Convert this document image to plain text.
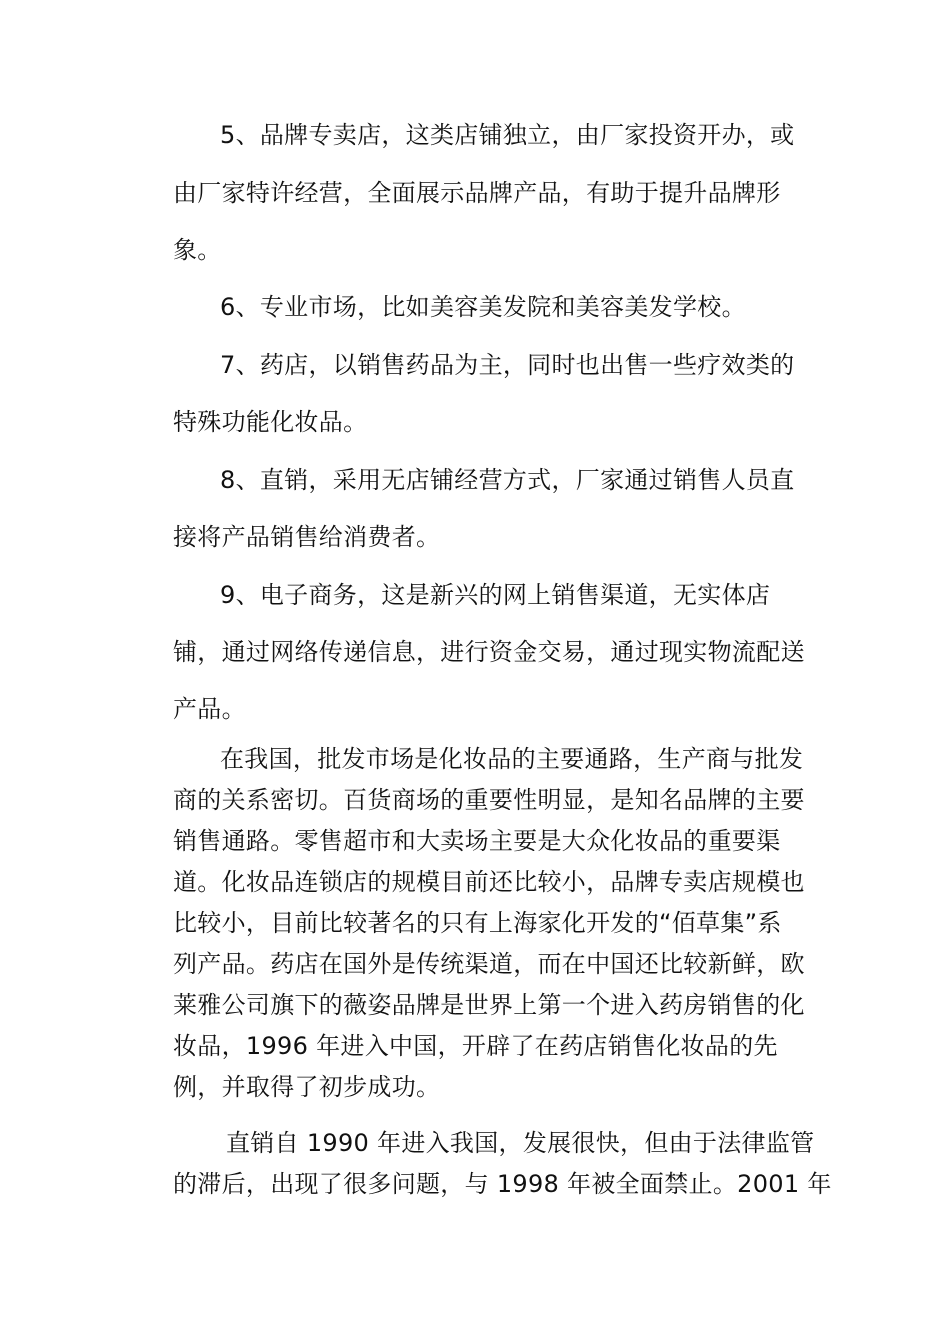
5、品牌专卖店，这类店铺独立，由厂家投资开办，或
由厂家特许经营，全面展示品牌产品，有助于提升品牌形
象。
6、专业市场，比如美容美发院和美容美发学校。
7、药店，以销售药品为主，同时也出售一些疗效类的
特殊功能化妆品。
8、直销，采用无店铺经营方式，厂家通过销售人员直
接将产品销售给消费者。
9、电子商务，这是新兴的网上销售渠道，无实体店
铺，通过网络传递信息，进行资金交易，通过现实物流配送
产品。
在我国，批发市场是化妆品的主要通路，生产商与批发
商的关系密切。百货商场的重要性明显，是知名品牌的主要
销售通路。零售超市和大卖场主要是大众化妆品的重要渠
道。化妆品连锁店的规模目前还比较小，品牌专卖店规模也
比较小，目前比较著名的只有上海家化开发的“佰草集”系
列产品。药店在国外是传统渠道，而在中国还比较新鲜，欧
莱雅公司旗下的薇姿品牌是世界上第一个进入药房销售的化
妆品，1996 年进入中国，开辟了在药店销售化妆品的先
例，并取得了初步成功。
直销自 1990 年进入我国，发展很快，但由于法律监管
的滞后，出现了很多问题，与 1998 年被全面禁止。2001 年
